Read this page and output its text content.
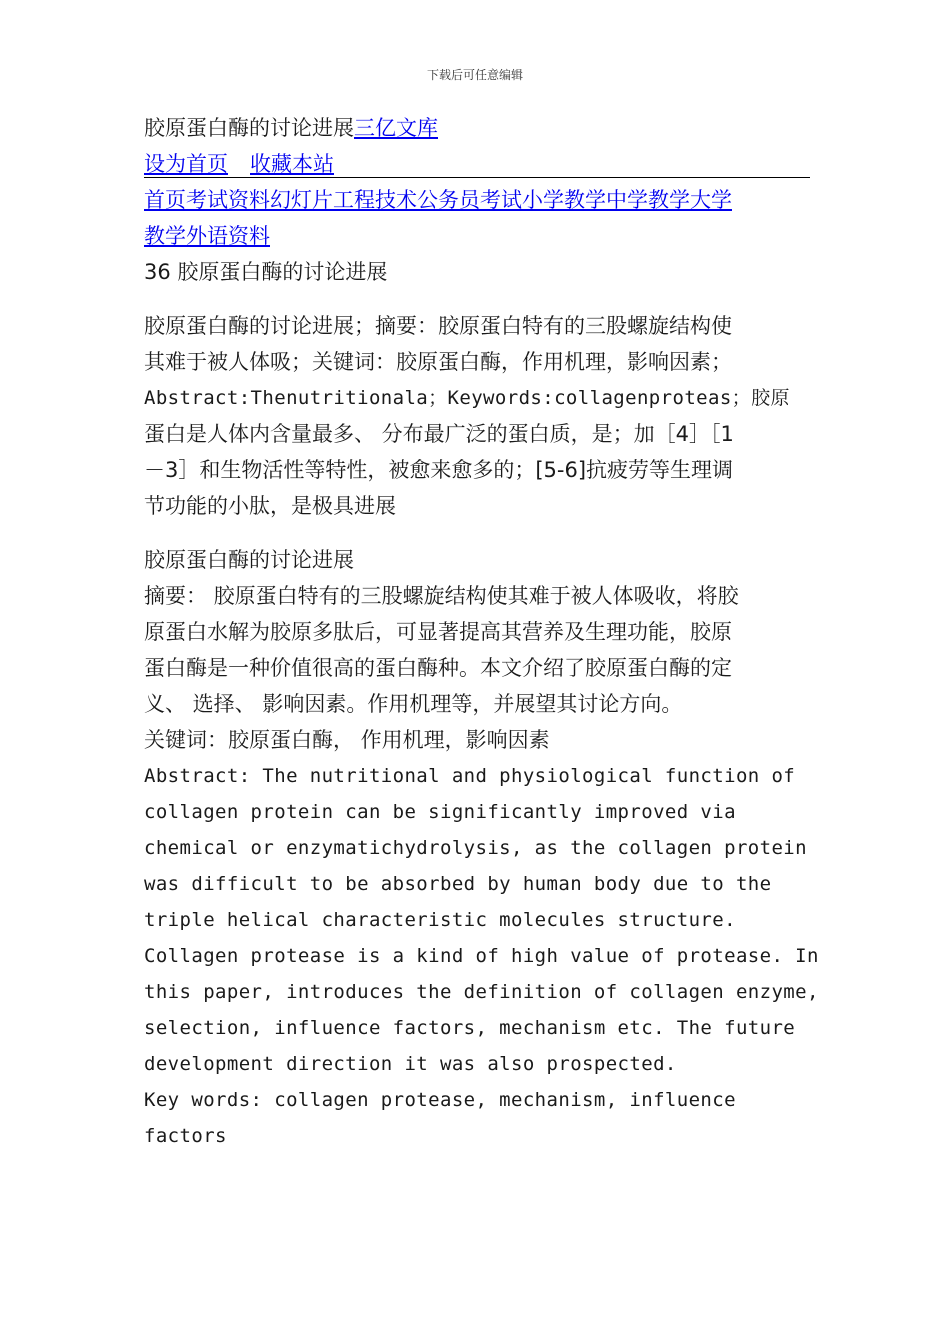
下载后可任意编辑
胶原蛋白酶的讨论进展三亿文库
设为首页 收藏本站
首页考试资料幻灯片工程技术公务员考试小学教学中学教学大学
教学外语资料
36 胶原蛋白酶的讨论进展
胶原蛋白酶的讨论进展；摘要：胶原蛋白特有的三股螺旋结构使
其难于被人体吸；关键词：胶原蛋白酶，作用机理，影响因素；
Abstract:Thenutritionala；Keywords:collagenproteas；胶原
蛋白是人体内含量最多、 分布最广泛的蛋白质，是；加［4］［1
－3］和生物活性等特性，被愈来愈多的；[5-6]抗疲劳等生理调
节功能的小肽，是极具进展
胶原蛋白酶的讨论进展
摘要： 胶原蛋白特有的三股螺旋结构使其难于被人体吸收，将胶
原蛋白水解为胶原多肽后，可显著提高其营养及生理功能，胶原
蛋白酶是一种价值很高的蛋白酶种。本文介绍了胶原蛋白酶的定
义、 选择、 影响因素。作用机理等，并展望其讨论方向。
关键词：胶原蛋白酶， 作用机理，影响因素
Abstract: The nutritional and physiological function of
collagen protein can be significantly improved via
chemical or enzymatichydrolysis, as the collagen protein
was difficult to be absorbed by human body due to the
triple helical characteristic molecules structure.
Collagen protease is a kind of high value of protease. In
this paper, introduces the definition of collagen enzyme,
selection, influence factors, mechanism etc. The future
development direction it was also prospected.
Key words: collagen protease, mechanism, influence
factors
